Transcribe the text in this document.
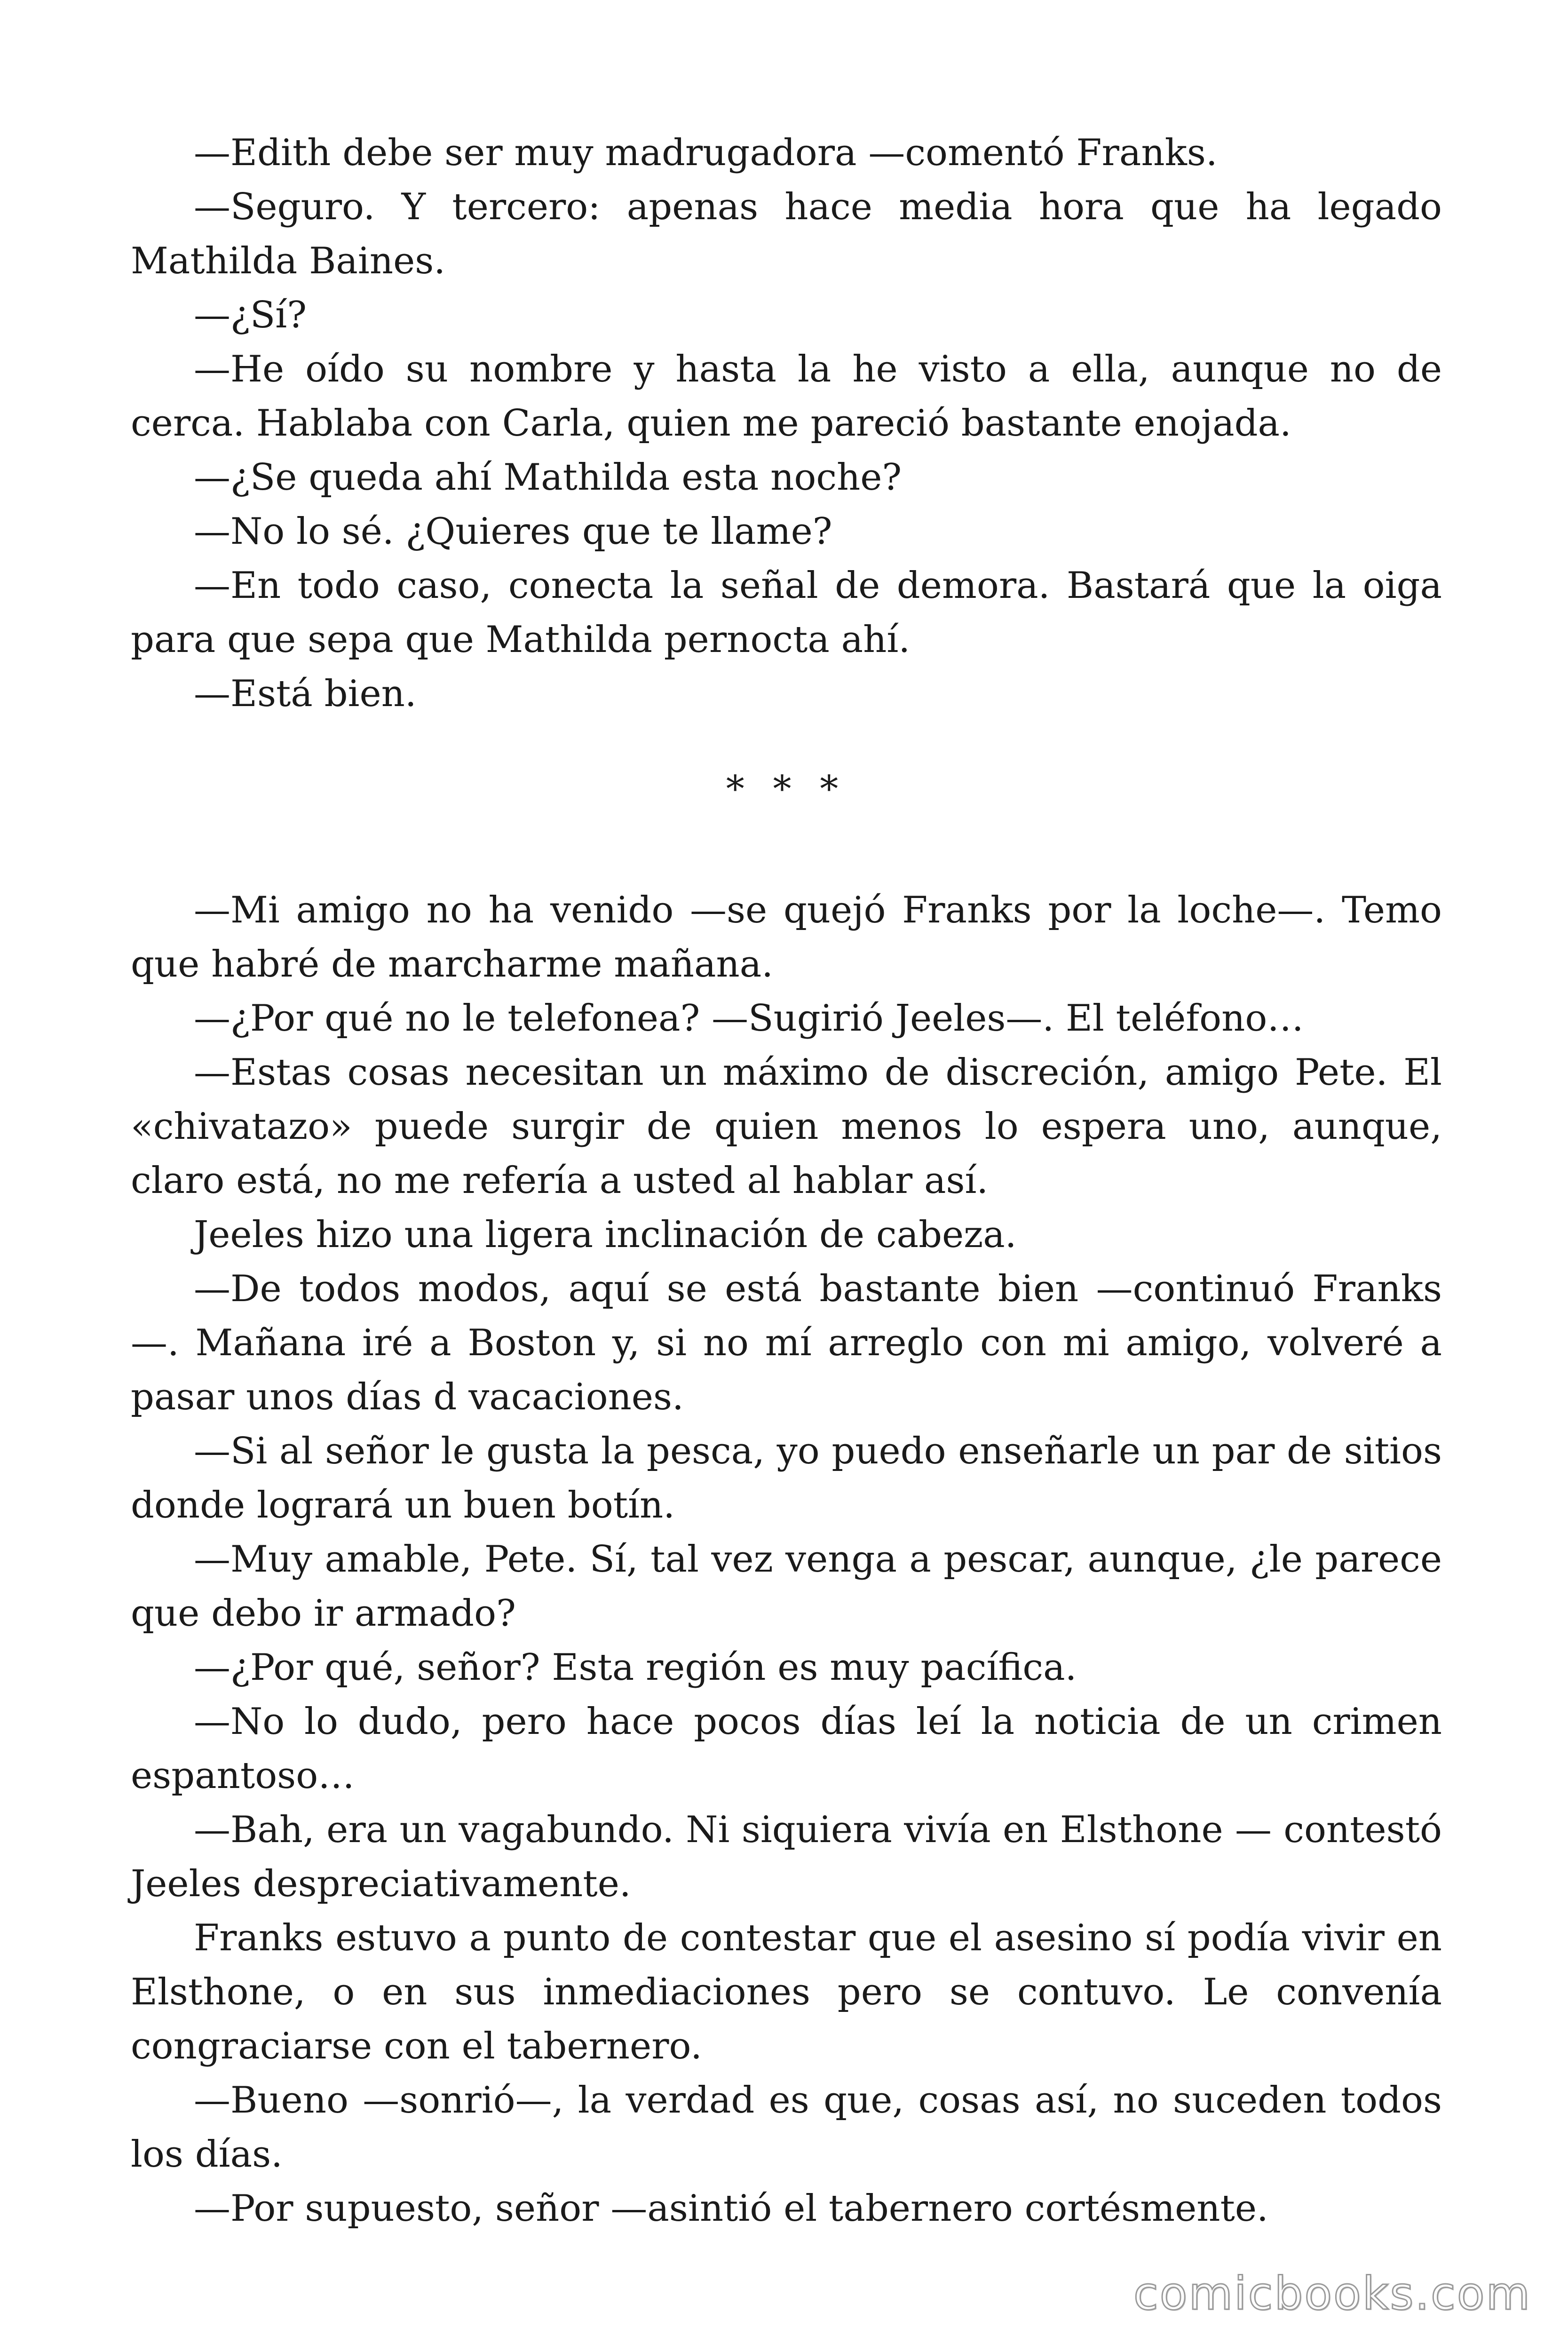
—Edith debe ser muy madrugadora —comentó Franks.

—Seguro. Y tercero: apenas hace media hora que ha legado Mathilda Baines.

—¿Sí?

—He oído su nombre y hasta la he visto a ella, aunque no de cerca. Hablaba con Carla, quien me pareció bastante enojada.

—¿Se queda ahí Mathilda esta noche?

—No lo sé. ¿Quieres que te llame?

—En todo caso, conecta la señal de demora. Bastará que la oiga para que sepa que Mathilda pernocta ahí.

—Está bien.

* * *

—Mi amigo no ha venido —se quejó Franks por la loche—. Temo que habré de marcharme mañana.

—¿Por qué no le telefonea? —Sugirió Jeeles—. El teléfono…

—Estas cosas necesitan un máximo de discreción, amigo Pete. El «chivatazo» puede surgir de quien menos lo espera uno, aunque, claro está, no me refería a usted al hablar así.

Jeeles hizo una ligera inclinación de cabeza.

—De todos modos, aquí se está bastante bien —continuó Franks —. Mañana iré a Boston y, si no mí arreglo con mi amigo, volveré a pasar unos días d vacaciones.

—Si al señor le gusta la pesca, yo puedo enseñarle un par de sitios donde logrará un buen botín.

—Muy amable, Pete. Sí, tal vez venga a pescar, aunque, ¿le parece que debo ir armado?

—¿Por qué, señor? Esta región es muy pacífica.

—No lo dudo, pero hace pocos días leí la noticia de un crimen espantoso…

—Bah, era un vagabundo. Ni siquiera vivía en Elsthone — contestó Jeeles despreciativamente.

Franks estuvo a punto de contestar que el asesino sí podía vivir en Elsthone, o en sus inmediaciones pero se contuvo. Le convenía congraciarse con el tabernero.

—Bueno —sonrió—, la verdad es que, cosas así, no suceden todos los días.

—Por supuesto, señor —asintió el tabernero cortésmente.

comicbooks.com
